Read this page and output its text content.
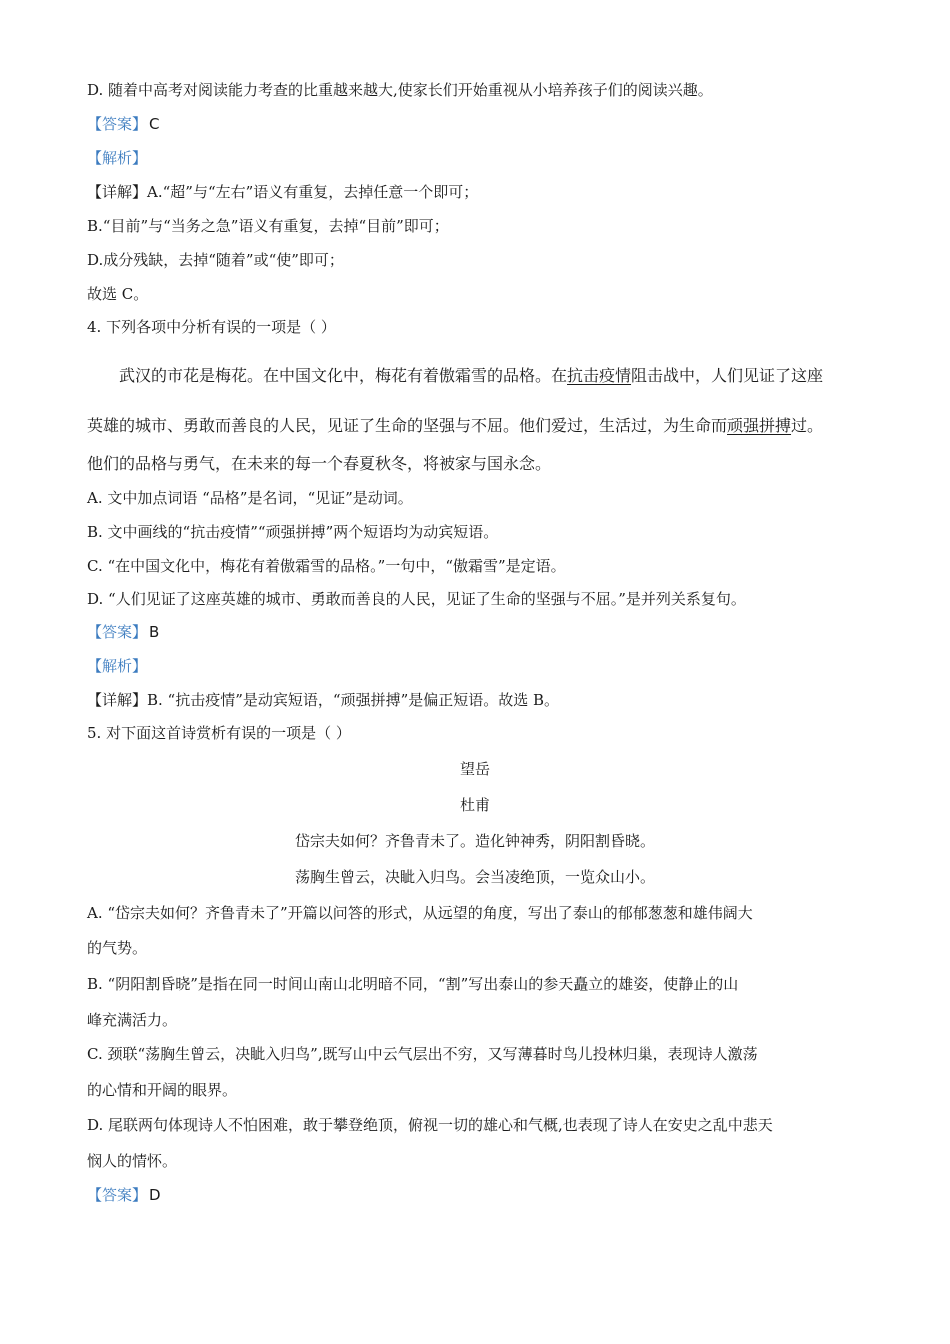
D. 随着中高考对阅读能力考查的比重越来越大,使家长们开始重视从小培养孩子们的阅读兴趣。
【答案】 C
【解析】
【详解】A.“超”与“左右”语义有重复，去掉任意一个即可；
B.“目前”与“当务之急”语义有重复，去掉“目前”即可；
D.成分残缺，去掉“随着”或“使”即可；
故选 C。
4. 下列各项中分析有误的一项是（ ）
武汉的市花是梅花。在中国文化中，梅花有着傲霜雪的品格。在抗击疫情阻击战中，人们见证了这座
英雄的城市、勇敢而善良的人民，见证了生命的坚强与不屈。他们爱过，生活过，为生命而顽强拼搏过。
他们的品格与勇气，在未来的每一个春夏秋冬，将被家与国永念。
A. 文中加点词语 “品格”是名词，“见证”是动词。
B. 文中画线的“抗击疫情”“顽强拼搏”两个短语均为动宾短语。
C. “在中国文化中，梅花有着傲霜雪的品格。”一句中，“傲霜雪”是定语。
D. “人们见证了这座英雄的城市、勇敢而善良的人民，见证了生命的坚强与不屈。”是并列关系复句。
【答案】 B
【解析】
【详解】B. “抗击疫情”是动宾短语，“顽强拼搏”是偏正短语。故选 B。
5. 对下面这首诗赏析有误的一项是（ ）
望岳
杜甫
岱宗夫如何？齐鲁青未了。造化钟神秀，阴阳割昏晓。
荡胸生曾云，决眦入归鸟。会当凌绝顶，一览众山小。
A. “岱宗夫如何？齐鲁青未了”开篇以问答的形式，从远望的角度，写出了泰山的郁郁葱葱和雄伟阔大
的气势。
B. “阴阳割昏晓”是指在同一时间山南山北明暗不同，“割”写出泰山的参天矗立的雄姿，使静止的山
峰充满活力。
C. 颈联“荡胸生曾云，决眦入归鸟”,既写山中云气层出不穷，又写薄暮时鸟儿投林归巢，表现诗人激荡
的心情和开阔的眼界。
D. 尾联两句体现诗人不怕困难，敢于攀登绝顶，俯视一切的雄心和气概,也表现了诗人在安史之乱中悲天
悯人的情怀。
【答案】 D
